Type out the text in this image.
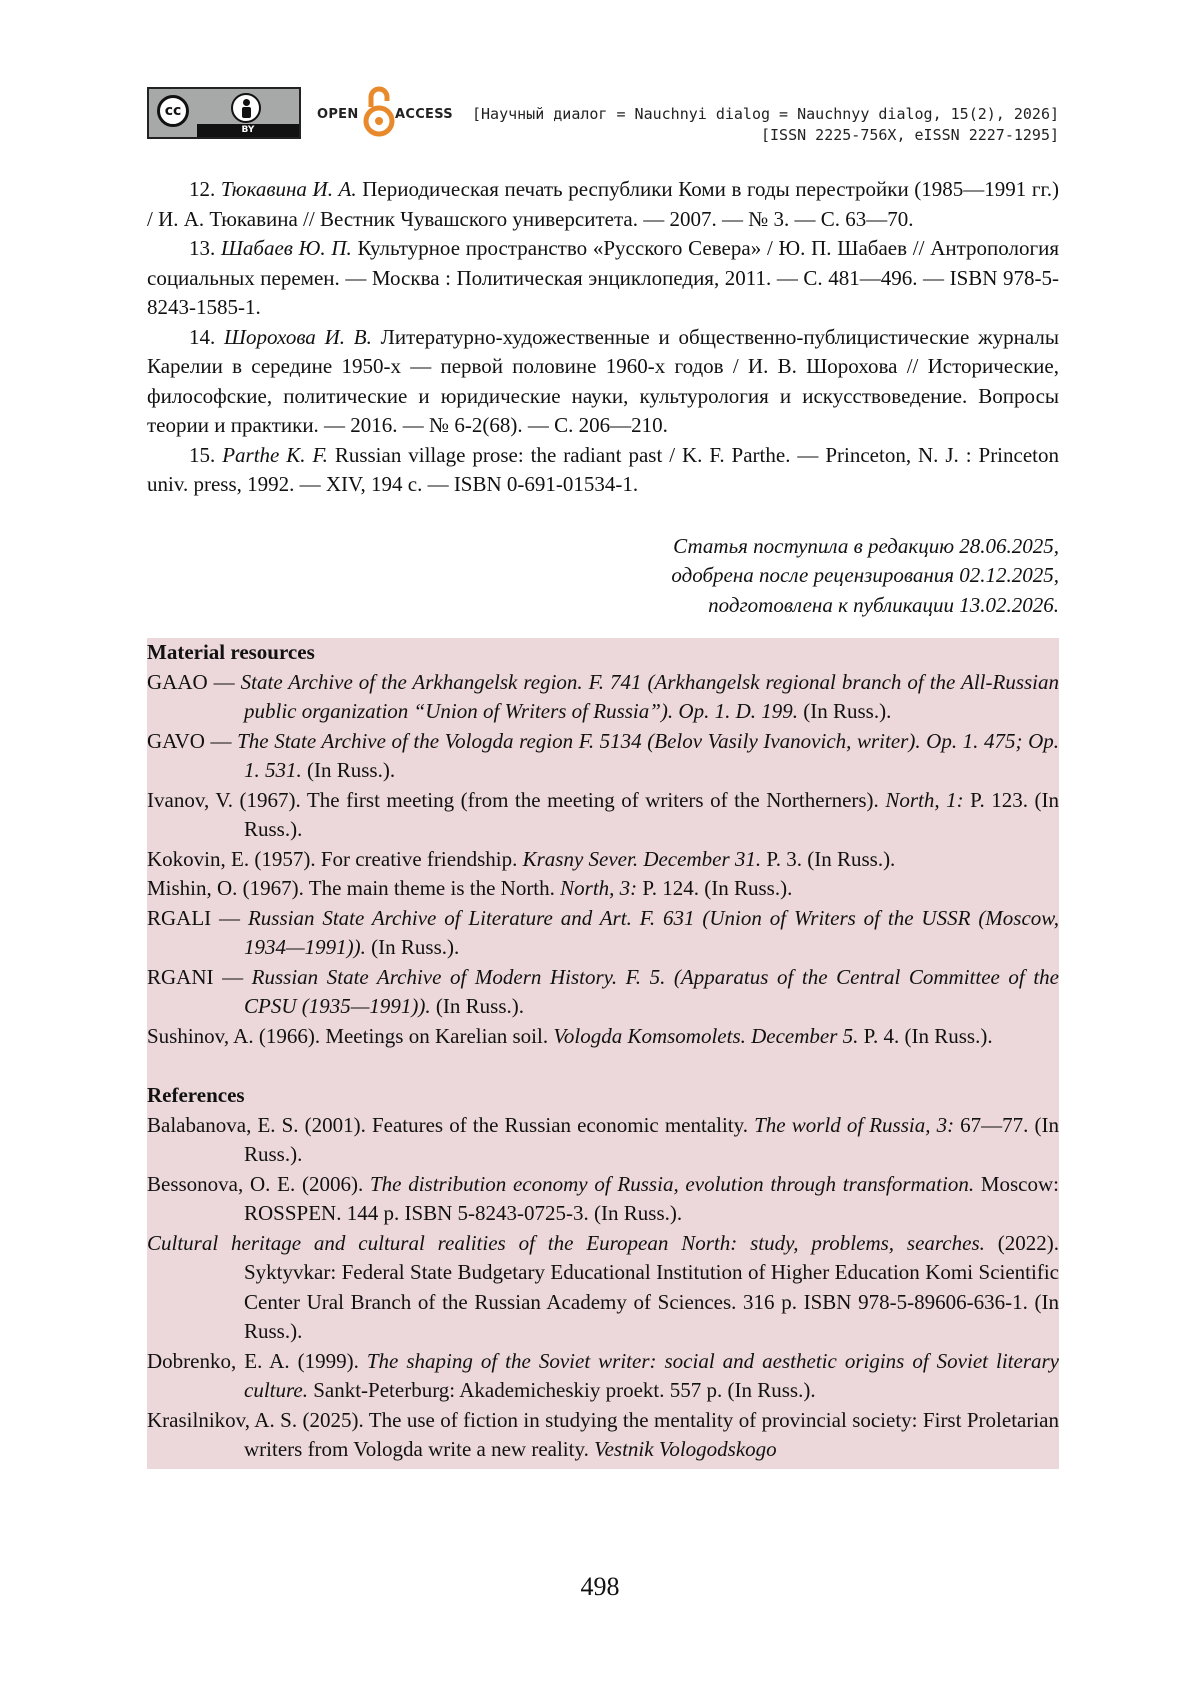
cc
BY
OPEN	ACCESS [Научный диалог = Nauchnyi dialog = Nauchnyy dialog, 15(2), 2026]
[ISSN 2225-756X, eISSN 2227-1295]

12. Тюкавина И. А. Периодическая печать республики Коми в годы перестройки (1985—1991 гг.) / И. А. Тюкавина // Вестник Чувашского университета. — 2007. — № 3. — С. 63—70.

13. Шабаев Ю. П. Культурное пространство «Русского Севера» / Ю. П. Шабаев // Антропология социальных перемен. — Москва : Политическая энциклопедия, 2011. — С. 481—496. — ISBN 978-5-8243-1585-1.

14. Шорохова И. В. Литературно-художественные и общественно-публицистические журналы Карелии в середине 1950-х — первой половине 1960-х годов / И. В. Шорохова // Исторические, философские, политические и юридические науки, культурология и искусствоведение. Вопросы теории и практики. — 2016. — № 6-2(68). — С. 206—210.

15. Parthe K. F. Russian village prose: the radiant past / K. F. Parthe. — Princeton, N. J. : Princeton univ. press, 1992. — XIV, 194 c. — ISBN 0-691-01534-1.

Статья поступила в редакцию 28.06.2025,
одобрена после рецензирования 02.12.2025,
подготовлена к публикации 13.02.2026.

Material resources

GAAO — State Archive of the Arkhangelsk region. F. 741 (Arkhangelsk regional branch of the All-Russian public organization “Union of Writers of Russia”). Op. 1. D. 199. (In Russ.).

GAVO — The State Archive of the Vologda region F. 5134 (Belov Vasily Ivanovich, writer). Op. 1. 475; Op. 1. 531. (In Russ.).

Ivanov, V. (1967). The first meeting (from the meeting of writers of the Northerners). North, 1: P. 123. (In Russ.).

Kokovin, E. (1957). For creative friendship. Krasny Sever. December 31. P. 3. (In Russ.).

Mishin, O. (1967). The main theme is the North. North, 3: P. 124. (In Russ.).

RGALI — Russian State Archive of Literature and Art. F. 631 (Union of Writers of the USSR (Moscow, 1934—1991)). (In Russ.).

RGANI — Russian State Archive of Modern History. F. 5. (Apparatus of the Central Committee of the CPSU (1935—1991)). (In Russ.).

Sushinov, A. (1966). Meetings on Karelian soil. Vologda Komsomolets. December 5. P. 4. (In Russ.).

References

Balabanova, E. S. (2001). Features of the Russian economic mentality. The world of Russia, 3: 67—77. (In Russ.).

Bessonova, O. E. (2006). The distribution economy of Russia, evolution through transformation. Moscow: ROSSPEN. 144 p. ISBN 5-8243-0725-3. (In Russ.).

Cultural heritage and cultural realities of the European North: study, problems, searches. (2022). Syktyvkar: Federal State Budgetary Educational Institution of Higher Education Komi Scientific Center Ural Branch of the Russian Academy of Sciences. 316 p. ISBN 978-5-89606-636-1. (In Russ.).

Dobrenko, E. A. (1999). The shaping of the Soviet writer: social and aesthetic origins of Soviet literary culture. Sankt-Peterburg: Akademicheskiy proekt. 557 p. (In Russ.).

Krasilnikov, A. S. (2025). The use of fiction in studying the mentality of provincial society: First Proletarian writers from Vologda write a new reality. Vestnik Vologodskogo

498
